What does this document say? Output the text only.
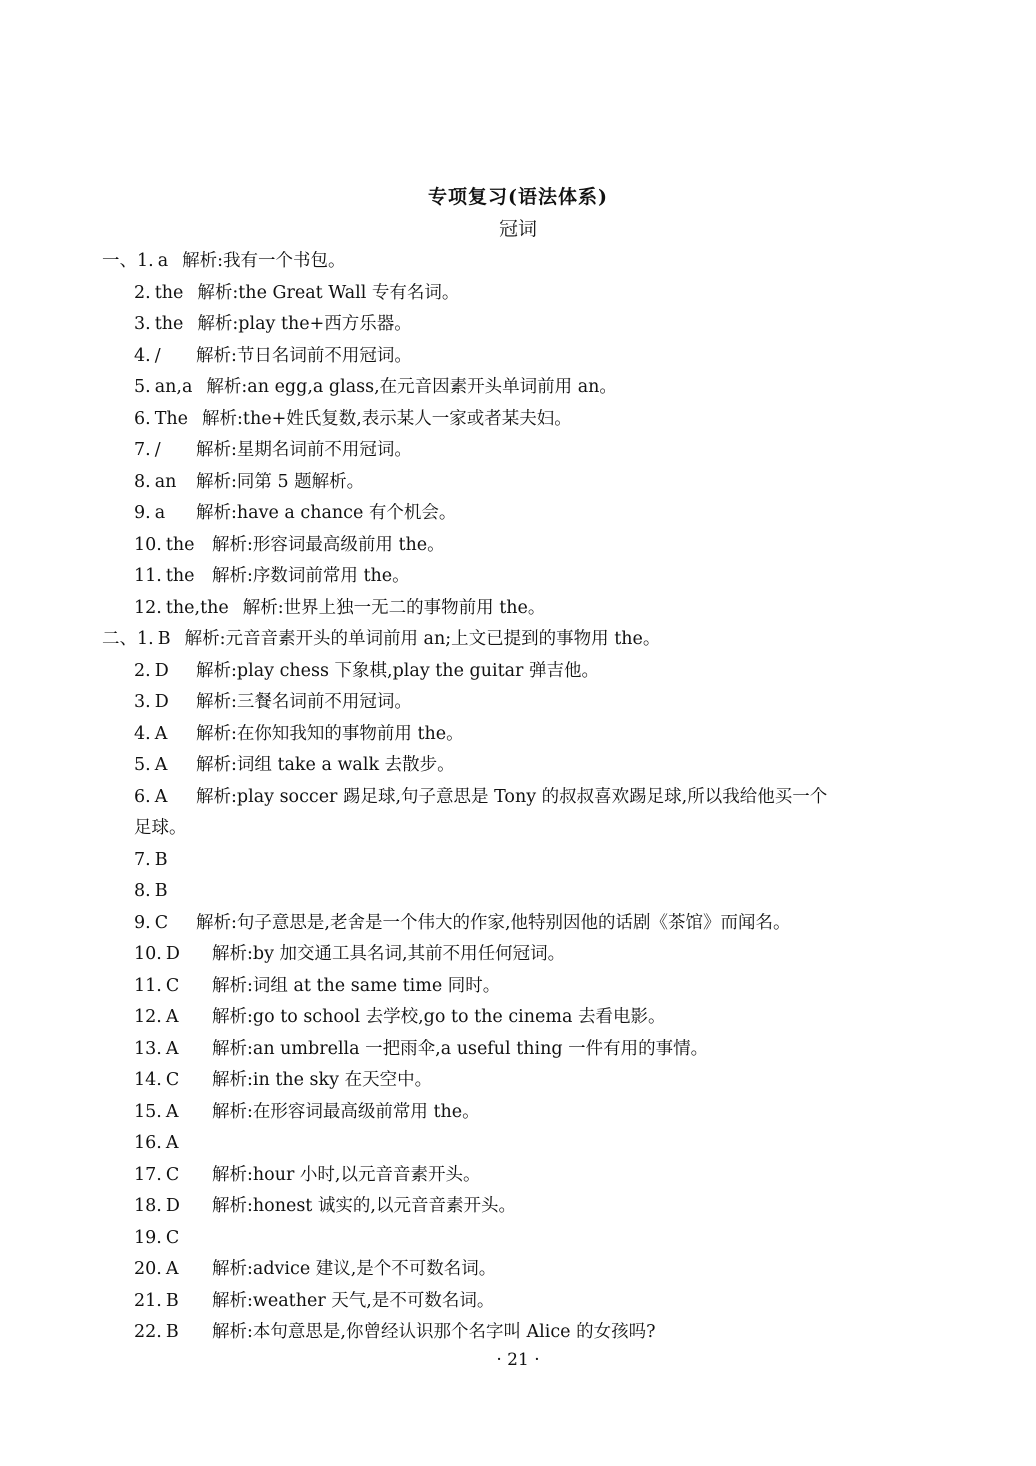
专项复习(语法体系)
冠词
一、1. a 解析:我有一个书包。
2. the 解析:the Great Wall 专有名词。
3. the 解析:play the+西方乐器。
4. / 解析:节日名词前不用冠词。
5. an,a 解析:an egg,a glass,在元音因素开头单词前用 an。
6. The 解析:the+姓氏复数,表示某人一家或者某夫妇。
7. / 解析:星期名词前不用冠词。
8. an 解析:同第 5 题解析。
9. a 解析:have a chance 有个机会。
10. the 解析:形容词最高级前用 the。
11. the 解析:序数词前常用 the。
12. the,the 解析:世界上独一无二的事物前用 the。
二、1. B 解析:元音音素开头的单词前用 an;上文已提到的事物用 the。
2. D 解析:play chess 下象棋,play the guitar 弹吉他。
3. D 解析:三餐名词前不用冠词。
4. A 解析:在你知我知的事物前用 the。
5. A 解析:词组 take a walk 去散步。
6. A 解析:play soccer 踢足球,句子意思是 Tony 的叔叔喜欢踢足球,所以我给他买一个
足球。
7. B
8. B
9. C 解析:句子意思是,老舍是一个伟大的作家,他特别因他的话剧《茶馆》而闻名。
10. D 解析:by 加交通工具名词,其前不用任何冠词。
11. C 解析:词组 at the same time 同时。
12. A 解析:go to school 去学校,go to the cinema 去看电影。
13. A 解析:an umbrella 一把雨伞,a useful thing 一件有用的事情。
14. C 解析:in the sky 在天空中。
15. A 解析:在形容词最高级前常用 the。
16. A
17. C 解析:hour 小时,以元音音素开头。
18. D 解析:honest 诚实的,以元音音素开头。
19. C
20. A 解析:advice 建议,是个不可数名词。
21. B 解析:weather 天气,是不可数名词。
22. B 解析:本句意思是,你曾经认识那个名字叫 Alice 的女孩吗?
· 21 ·
